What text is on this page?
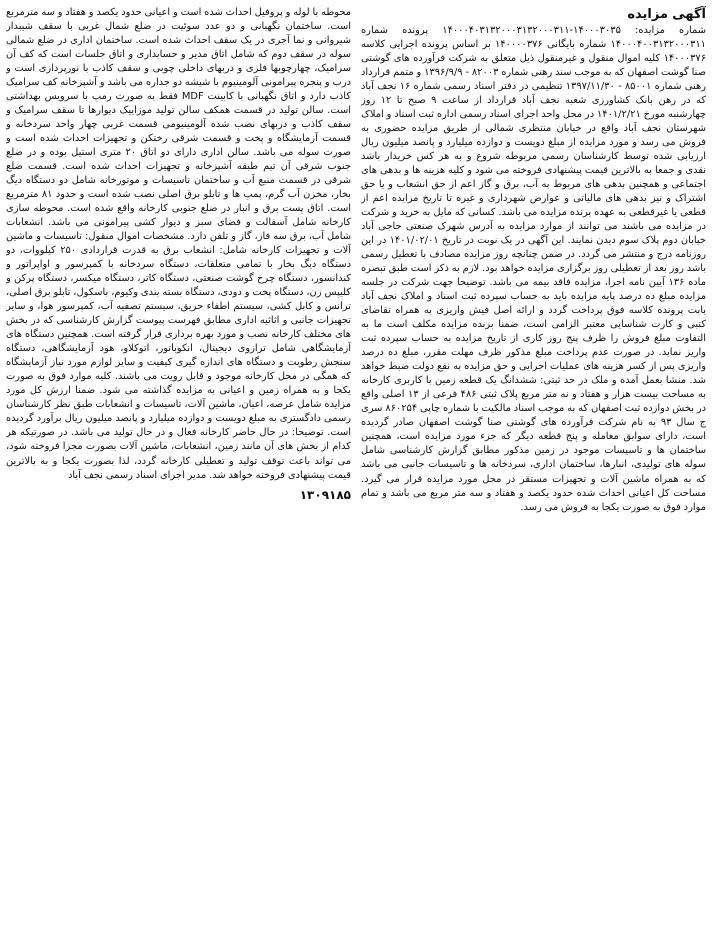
آگهی مزایده

شماره مزایده: ۱۴۰۰۰۳۰۳۵-۱۴۰۰۰۴۰۳۱۳۲۰۰۰۳۱۳۲۰۰۰۳۱۱ پرونده شماره ۱۴۰۰۰۴۰۰۳۱۳۲۰۰۰۳۱۱ شماره بایگانی ۱۴۰۰۰۰۳۷۶ بر اساس پرونده اجرایی کلاسه ۱۴۰۰۰۳۷۶ کلیه اموال منقول و غیرمنقول ذیل متعلق به شرکت فرآورده های گوشتی صنا گوشت اصفهان که به موجب سند رهنی شماره ۸۲۰۰۳ - ۱۳۹۶/۹/۹ و متمم قرارداد رهنی شماره ۸۵۰۰۱ - ۱۳۹۷/۱۱/۳۰ تنظیمی در دفتر اسناد رسمی شماره ۱۶ نجف آباد که در رهن بانک کشاورزی شعبه نجف آباد قرارداد از ساعت ۹ صبح تا ۱۲ روز چهارشنبه مورخ ۱۴۰۱/۲/۲۱ در محل واحد اجرای اسناد رسمی اداره ثبت اسناد و املاک شهرستان نجف آباد واقع در خیابان منتظری شمالی از طریق مزایده حضوری به فروش می رسد و مورد مزایده از مبلغ دویست و دوازده میلیارد و پانصد میلیون ریال ارزیابی شده توسط کارشناسان رسمی مربوطه شروع و به هر کس خریدار باشد نقدی و جمعا به بالاترین قیمت پیشنهادی فروخته می شود و کلیه هزینه ها و بدهی های اجتماعی و همچنین بدهی های مربوط به آب، برق و گاز اعم از حق انشعاب و یا حق اشتراک و نیز بدهی های مالیاتی و عوارض شهرداری و غیره تا تاریخ مزایده اعم از قطعی یا غیرقطعی به عهده برنده مزایده می باشد. کسانی که مایل به خرید و شرکت در مزایده می باشند می توانند از موارد مزایده به آدرس شهرک صنعتی حاجی آباد خیابان دوم پلاک سوم دیدن نمایند. این آگهی در یک نوبت در تاریخ ۱۴۰۱/۰۲/۰۱ در این روزنامه درج و منتشر می گردد. در ضمن چنانچه روز مزایده مصادف با تعطیل رسمی باشد روز بعد از تعطیلی روز برگزاری مزایده خواهد بود. لازم به ذکر است طبق تبصره ماده ۱۳۶ آیین نامه اجرا، مزایده فاقد بیمه می باشد. توضیحا جهت شرکت در جلسه مزایده مبلغ ده درصد پایه مزایده باید به حساب سپرده ثبت اسناد و املاک نجف آباد بابت پرونده کلاسه فوق پرداخت گردد و ارائه اصل فیش واریزی به همراه تقاضای کتبی و کارت شناسایی معتبر الزامی است، ضمنا برنده مزایده مکلف است ما به التفاوت مبلغ فروش را ظرف پنج روز کاری از تاریخ مزایده به حساب سپرده ثبت واریز نماید. در صورت عدم پرداخت مبلغ مذکور ظرف مهلت مقرر، مبلغ ده درصد واریزی پس از کسر هزینه های عملیات اجرایی و حق مزایده به نفع دولت ضبط خواهد شد. منشا بعمل آمده و ملک در حد ثبتی: ششدانگ یک قطعه زمین با کاربری کارخانه به مساحت بیست هزار و هفتاد و نه متر مربع پلاک ثبتی ۴۸۶ فرعی از ۱۳ اصلی واقع در بخش دوازده ثبت اصفهان که به موجب اسناد مالکیت با شماره چاپی ۸۶۰۲۵۴ سری ج سال ۹۳ به نام شرکت فرآورده های گوشتی صنا گوشت اصفهان صادر گردیده است، دارای سوابق معامله و پنج قطعه دیگر که جزء مورد مزایده است، همچنین ساختمان ها و تاسیسات موجود در زمین مذکور مطابق گزارش کارشناسی شامل سوله های تولیدی، انبارها، ساختمان اداری، سردخانه ها و تاسیسات جانبی می باشد که به همراه ماشین آلات و تجهیزات مستقر در محل مورد مزایده قرار می گیرد. مساحت کل اعیانی احداث شده حدود یکصد و هفتاد و سه متر مربع می باشد و تمام موارد فوق به صورت یکجا به فروش می رسد.

محوطه با لوله و پروفیل احداث شده است و اعیانی حدود یکصد و هفتاد و سه مترمربع است. ساختمان نگهبانی و دو عدد سوئیت در ضلع شمال غربی با سقف شیبدار شیروانی و نما آجری در یک سقف احداث شده است. ساختمان اداری در ضلع شمالی سوله در سقف دوم که شامل اتاق مدیر و حسابداری و اتاق جلسات است که کف آن سرامیک، چهارچوبها فلزی و دربهای داخلی چوبی و سقف کاذب با نورپردازی است و درب و پنجره پیرامونی آلومینیوم با شیشه دو جداره می باشد و آشپزخانه کف سرامیک کاذب دارد و اتاق نگهبانی با کابینت MDF فقط به صورت رمپ با سرویس بهداشتی است. سالن تولید در قسمت همکف سالن تولید موزاییک دیوارها تا سقف سرامیک و سقف کاذب و دربهای نصب شده آلومینیومی قسمت غربی چهار واحد سردخانه و قسمت آزمایشگاه و پخت و قسمت شرقی رختکن و تجهیزات احداث شده است و صورت سوله می باشد. سالن اداری دارای دو اتاق ۲۰ متری استیل بوده و در ضلع جنوب شرقی آن تیم طبقه آشپزخانه و تجهیزات احداث شده است. قسمت ضلع شرقی در قسمت منبع آب و ساختمان تاسیسات و موتورخانه شامل دو دستگاه دیگ بخار، مخزن آب گرم، پمپ ها و تابلو برق اصلی نصب شده است و حدود ۸۱ مترمربع است. اتاق پست برق و انبار در ضلع جنوبی کارخانه واقع شده است. محوطه سازی کارخانه شامل آسفالت و فضای سبز و دیوار کشی پیرامونی می باشد. انشعابات شامل آب، برق سه فاز، گاز و تلفن دارد. مشخصات اموال منقول: تاسیسات و ماشین آلات و تجهیزات کارخانه شامل: انشعاب برق به قدرت قراردادی ۲۵۰ کیلووات، دو دستگاه دیگ بخار با تمامی متعلقات، دستگاه سردخانه با کمپرسور و اواپراتور و کندانسور، دستگاه چرخ گوشت صنعتی، دستگاه کاتر، دستگاه میکسر، دستگاه پرکن و کلیپس زن، دستگاه پخت و دودی، دستگاه بسته بندی وکیوم، باسکول، تابلو برق اصلی، ترانس و کابل کشی، سیستم اطفاء حریق، سیستم تصفیه آب، کمپرسور هوا، و سایر تجهیزات جانبی و اثاثیه اداری مطابق فهرست پیوست گزارش کارشناسی که در بخش های مختلف کارخانه نصب و مورد بهره برداری قرار گرفته است. همچنین دستگاه های آزمایشگاهی شامل ترازوی دیجیتال، انکوباتور، اتوکلاو، هود آزمایشگاهی، دستگاه سنجش رطوبت و دستگاه های اندازه گیری کیفیت و سایر لوازم مورد نیاز آزمایشگاه که همگی در محل کارخانه موجود و قابل رویت می باشند. کلیه موارد فوق به صورت یکجا و به همراه زمین و اعیانی به مزایده گذاشته می شود. ضمنا ارزش کل مورد مزایده شامل عرصه، اعیان، ماشین آلات، تاسیسات و انشعابات طبق نظر کارشناسان رسمی دادگستری به مبلغ دویست و دوازده میلیارد و پانصد میلیون ریال برآورد گردیده است. توضیحا: در حال حاضر کارخانه فعال و در حال تولید می باشد. در صورتیکه هر کدام از بخش های آن مانند زمین، انشعابات، ماشین آلات بصورت مجزا فروخته شود، می تواند باعث توقف تولید و تعطیلی کارخانه گردد، لذا بصورت یکجا و به بالاترین قیمت پیشنهادی فروخته خواهد شد. مدیر اجرای اسناد رسمی نجف آباد

۱۳۰۹۱۸۵
